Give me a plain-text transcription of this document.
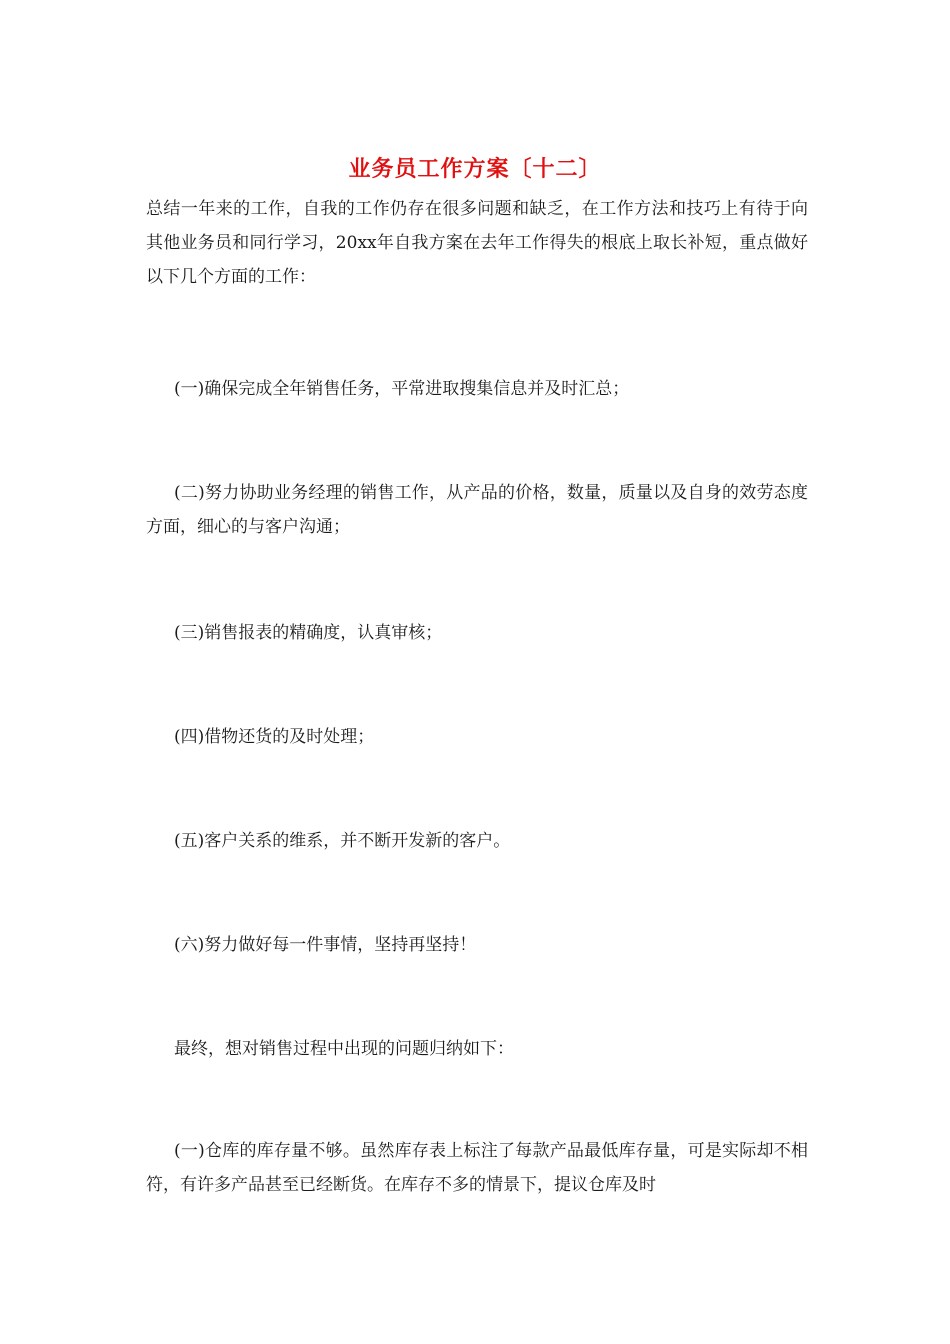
业务员工作方案〔十二〕

总结一年来的工作，自我的工作仍存在很多问题和缺乏，在工作方法和技巧上有待于向其他业务员和同行学习，20xx年自我方案在去年工作得失的根底上取长补短，重点做好以下几个方面的工作：

(一)确保完成全年销售任务，平常进取搜集信息并及时汇总；

(二)努力协助业务经理的销售工作，从产品的价格，数量，质量以及自身的效劳态度方面，细心的与客户沟通；

(三)销售报表的精确度，认真审核；

(四)借物还货的及时处理；

(五)客户关系的维系，并不断开发新的客户。

(六)努力做好每一件事情，坚持再坚持！

最终，想对销售过程中出现的问题归纳如下：

(一)仓库的库存量不够。虽然库存表上标注了每款产品最低库存量，可是实际却不相符，有许多产品甚至已经断货。在库存不多的情景下，提议仓库及时
